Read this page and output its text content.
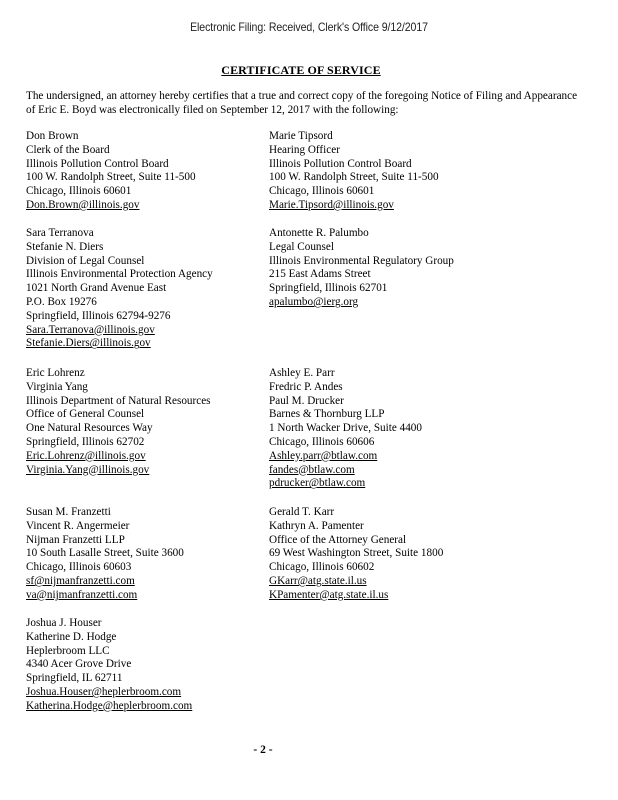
Electronic Filing: Received, Clerk's Office 9/12/2017
CERTIFICATE OF SERVICE
The undersigned, an attorney hereby certifies that a true and correct copy of the foregoing Notice of Filing and Appearance of Eric E. Boyd was electronically filed on September 12, 2017 with the following:
Don Brown
Clerk of the Board
Illinois Pollution Control Board
100 W. Randolph Street, Suite 11-500
Chicago, Illinois 60601
Don.Brown@illinois.gov
Marie Tipsord
Hearing Officer
Illinois Pollution Control Board
100 W. Randolph Street, Suite 11-500
Chicago, Illinois 60601
Marie.Tipsord@illinois.gov
Sara Terranova
Stefanie N. Diers
Division of Legal Counsel
Illinois Environmental Protection Agency
1021 North Grand Avenue East
P.O. Box 19276
Springfield, Illinois 62794-9276
Sara.Terranova@illinois.gov
Stefanie.Diers@illinois.gov
Antonette R. Palumbo
Legal Counsel
Illinois Environmental Regulatory Group
215 East Adams Street
Springfield, Illinois 62701
apalumbo@ierg.org
Eric Lohrenz
Virginia Yang
Illinois Department of Natural Resources
Office of General Counsel
One Natural Resources Way
Springfield, Illinois 62702
Eric.Lohrenz@illinois.gov
Virginia.Yang@illinois.gov
Ashley E. Parr
Fredric P. Andes
Paul M. Drucker
Barnes & Thornburg LLP
1 North Wacker Drive, Suite 4400
Chicago, Illinois 60606
Ashley.parr@btlaw.com
fandes@btlaw.com
pdrucker@btlaw.com
Susan M. Franzetti
Vincent R. Angermeier
Nijman Franzetti LLP
10 South Lasalle Street, Suite 3600
Chicago, Illinois 60603
sf@nijmanfranzetti.com
va@nijmanfranzetti.com
Gerald T. Karr
Kathryn A. Pamenter
Office of the Attorney General
69 West Washington Street, Suite 1800
Chicago, Illinois 60602
GKarr@atg.state.il.us
KPamenter@atg.state.il.us
Joshua J. Houser
Katherine D. Hodge
Heplerbroom LLC
4340 Acer Grove Drive
Springfield, IL 62711
Joshua.Houser@heplerbroom.com
Katherina.Hodge@heplerbroom.com
- 2 -
